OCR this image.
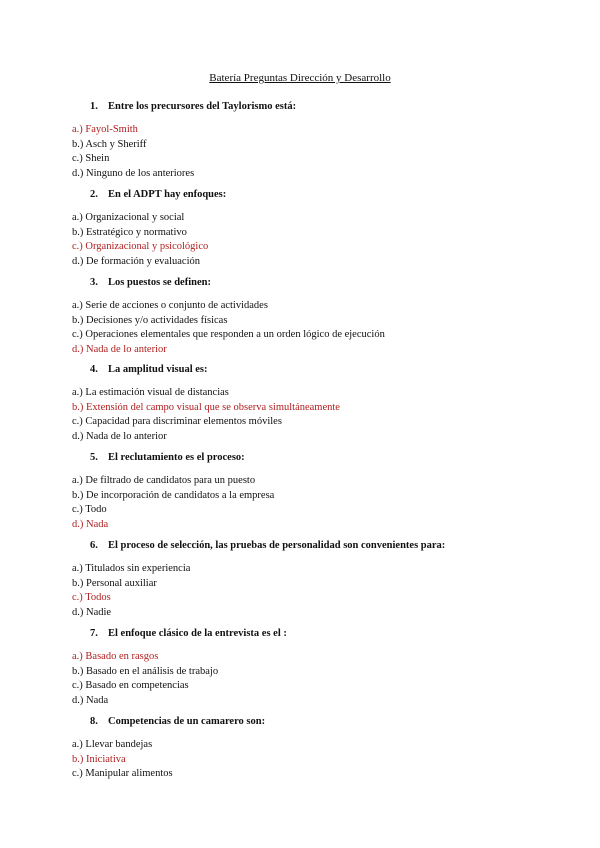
Batería Preguntas Dirección y Desarrollo
1. Entre los precursores del Taylorismo está:
a.) Fayol-Smith
b.) Asch y Sheriff
c.) Shein
d.) Ninguno de los anteriores
2. En el ADPT hay enfoques:
a.) Organizacional y social
b.) Estratégico y normativo
c.) Organizacional y psicológico
d.) De formación y evaluación
3. Los puestos se definen:
a.) Serie de acciones o conjunto de actividades
b.) Decisiones y/o actividades físicas
c.) Operaciones elementales que responden a un orden lógico de ejecución
d.) Nada de lo anterior
4. La amplitud visual es:
a.) La estimación visual de distancias
b.) Extensión del campo visual que se observa simultáneamente
c.) Capacidad para discriminar elementos móviles
d.) Nada de lo anterior
5. El reclutamiento es el proceso:
a.) De filtrado de candidatos para un puesto
b.) De incorporación de candidatos a la empresa
c.) Todo
d.) Nada
6. El proceso de selección, las pruebas de personalidad son convenientes para:
a.) Titulados sin experiencia
b.) Personal auxiliar
c.) Todos
d.) Nadie
7. El enfoque clásico de la entrevista es el :
a.) Basado en rasgos
b.) Basado en el análisis de trabajo
c.) Basado en competencias
d.) Nada
8. Competencias de un camarero son:
a.) Llevar bandejas
b.) Iniciativa
c.) Manipular alimentos
